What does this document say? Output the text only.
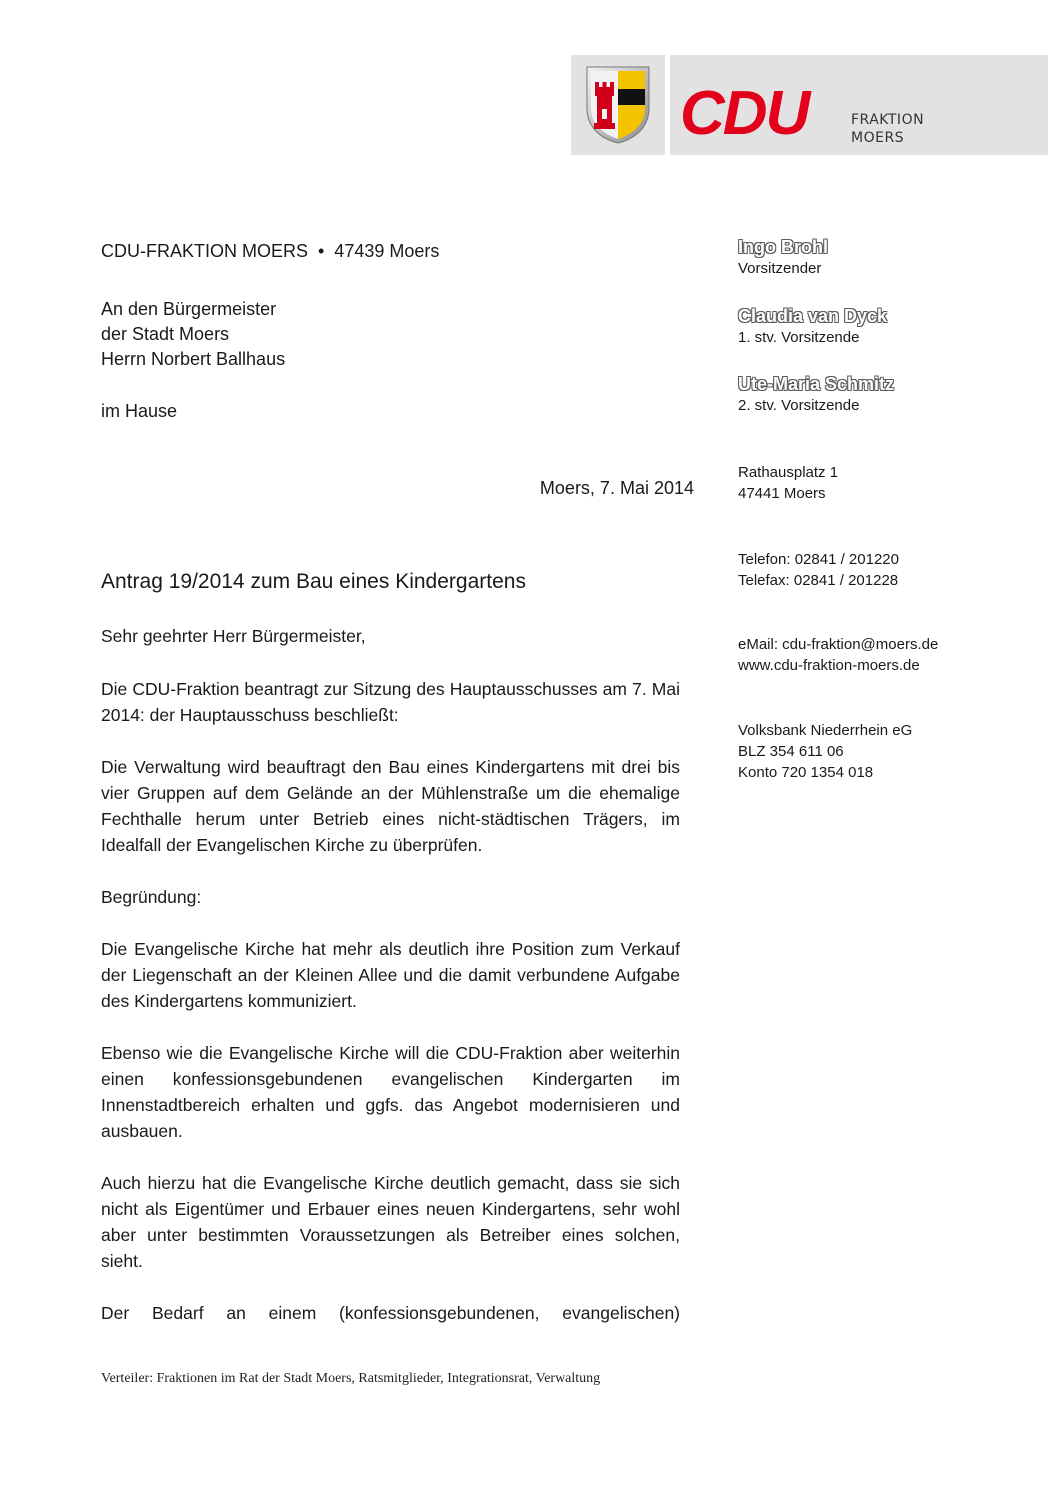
CDU	FRAKTION
MOERS
CDU-FRAKTION MOERS  •  47439 Moers
An den Bürgermeister
der Stadt Moers
Herrn Norbert Ballhaus
im Hause
Moers, 7. Mai 2014
Antrag 19/2014 zum Bau eines Kindergartens

Sehr geehrter Herr Bürgermeister,

Die CDU-Fraktion beantragt zur Sitzung des Hauptausschusses am 7. Mai 2014: der Hauptausschuss beschließt:

Die Verwaltung wird beauftragt den Bau eines Kindergartens mit drei bis vier Gruppen auf dem Gelände an der Mühlenstraße um die ehemalige Fechthalle herum unter Betrieb eines nicht-städtischen Trägers, im Idealfall der Evangelischen Kirche zu überprüfen.

Begründung:

Die Evangelische Kirche hat mehr als deutlich ihre Position zum Verkauf der Liegenschaft an der Kleinen Allee und die damit verbundene Aufgabe des Kindergartens kommuniziert.

Ebenso wie die Evangelische Kirche will die CDU-Fraktion aber weiterhin einen konfessionsgebundenen evangelischen Kindergarten im Innenstadtbereich erhalten und ggfs. das Angebot modernisieren und ausbauen.

Auch hierzu hat die Evangelische Kirche deutlich gemacht, dass sie sich nicht als Eigentümer und Erbauer eines neuen Kindergartens, sehr wohl aber unter bestimmten Voraussetzungen als Betreiber eines solchen, sieht.

Der Bedarf an einem (konfessionsgebundenen, evangelischen)

Verteiler: Fraktionen im Rat der Stadt Moers, Ratsmitglieder, Integrationsrat, Verwaltung
Ingo Brohl
Vorsitzender
Claudia van Dyck
1. stv. Vorsitzende
Ute-Maria Schmitz
2. stv. Vorsitzende
Rathausplatz 1
47441 Moers
Telefon: 02841 / 201220
Telefax: 02841 / 201228
eMail: cdu-fraktion@moers.de
www.cdu-fraktion-moers.de
Volksbank Niederrhein eG
BLZ 354 611 06
Konto 720 1354 018
